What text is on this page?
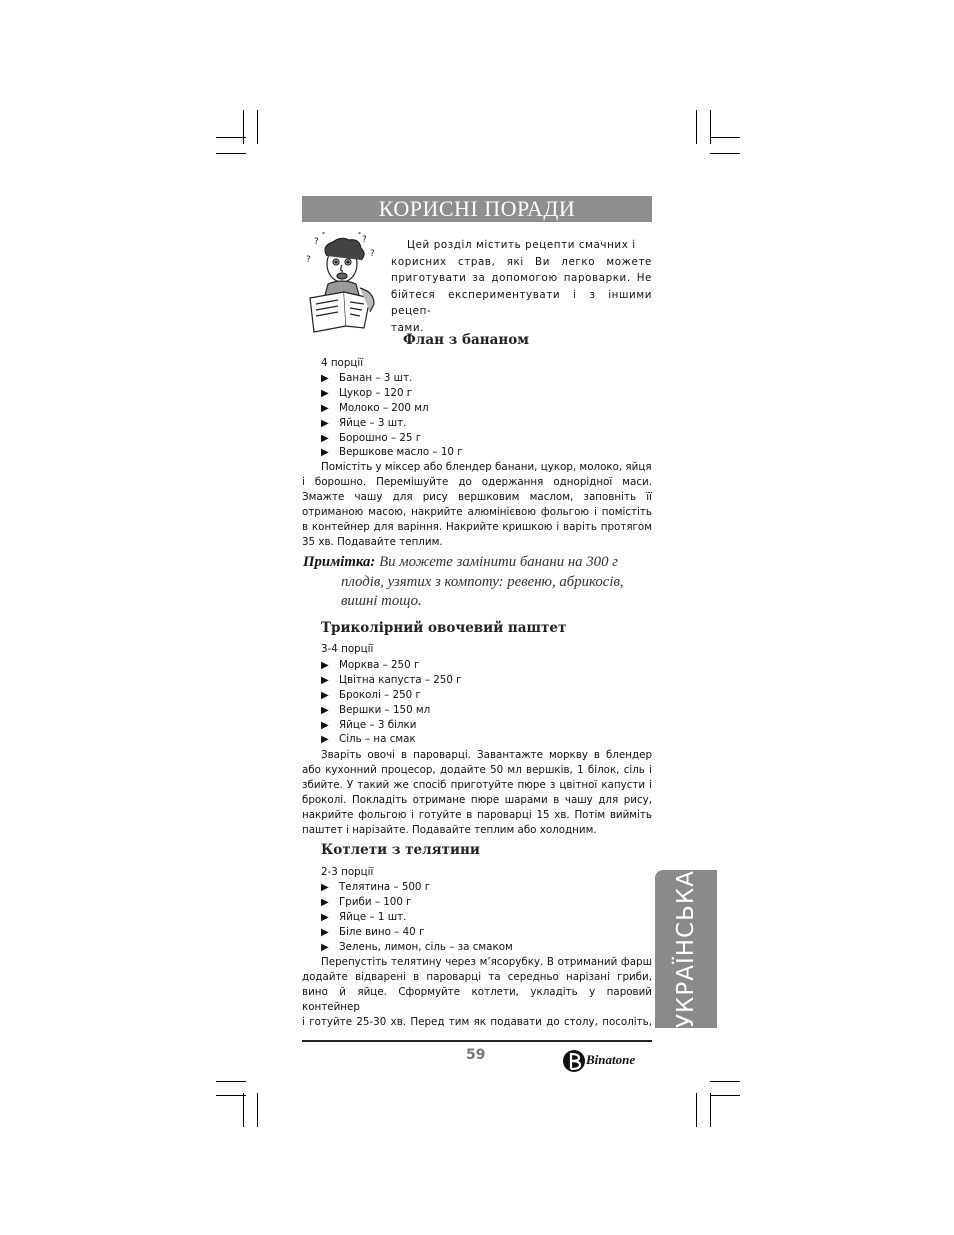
КОРИСНІ ПОРАДИ
?	?
?
?
*
*
Цей розділ містить рецепти смачних і
корисних страв, які Ви легко можете
приготувати за допомогою пароварки. Не
бійтеся експериментувати і з іншими рецеп-
тами.
Флан з бананом
4 порції
▶ Банан – 3 шт.
▶ Цукор – 120 г
▶ Молоко – 200 мл
▶ Яйце – 3 шт.
▶ Борошно – 25 г
▶ Вершкове масло – 10 г
Помістіть у міксер або блендер банани, цукор, молоко, яйця
і борошно. Перемішуйте до одержання однорідної маси.
Змажте чашу для рису вершковим маслом, заповніть її
отриманою масою, накрийте алюмінієвою фольгою і помістіть
в контейнер для варіння. Накрийте кришкою і варіть протягом
35 хв. Подавайте теплим.
Примітка: Ви можете замінити банани на 300 г
плодів, узятих з компоту: ревеню, абрикосів,
вишні тощо.
Триколірний овочевий паштет
3-4 порції
▶ Морква – 250 г
▶ Цвітна капуста – 250 г
▶ Броколі – 250 г
▶ Вершки – 150 мл
▶ Яйце – 3 білки
▶ Сіль – на смак
Зваріть овочі в пароварці. Завантажте моркву в блендер
або кухонний процесор, додайте 50 мл вершків, 1 білок, сіль і
збийте. У такий же спосіб приготуйте пюре з цвітної капусти і
броколі. Покладіть отримане пюре шарами в чашу для рису,
накрийте фольгою і готуйте в пароварці 15 хв. Потім вийміть
паштет і нарізайте. Подавайте теплим або холодним.
Котлети з телятини
2-3 порції
▶ Телятина – 500 г
▶ Гриби – 100 г
▶ Яйце – 1 шт.
▶ Біле вино – 40 г
▶ Зелень, лимон, сіль – за смаком
Перепустіть телятину через м’ясорубку. В отриманий фарш
додайте відварені в пароварці та середньо нарізані гриби,
вино й яйце. Сформуйте котлети, укладіть у паровий контейнер
і готуйте 25-30 хв. Перед тим як подавати до столу, посоліть, УКРАЇНСЬКА
59	Binatone
